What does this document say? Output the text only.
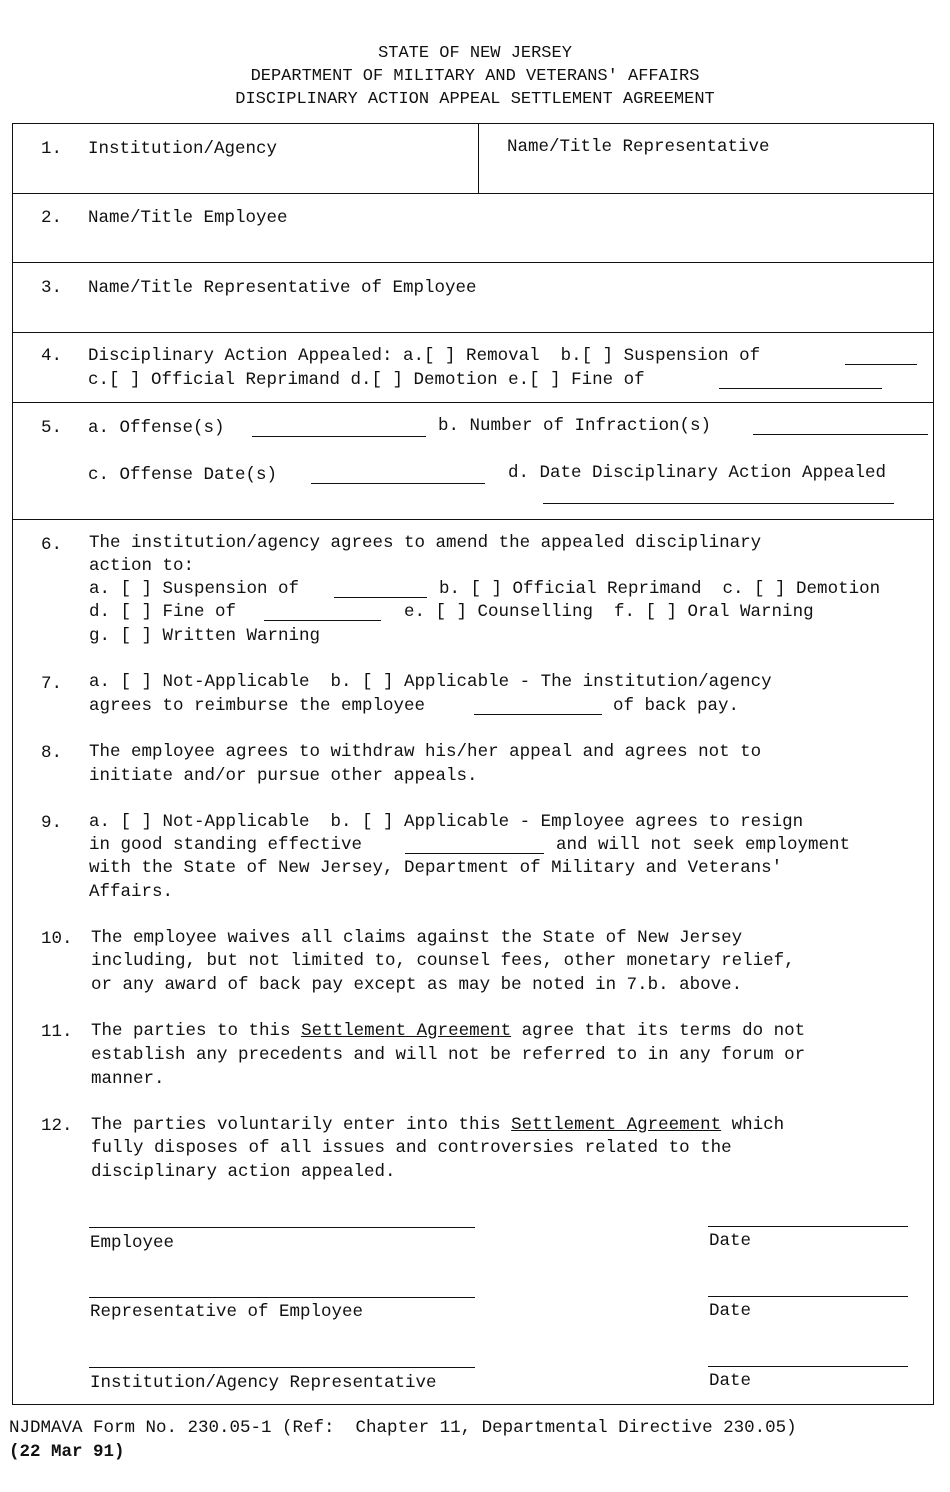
STATE OF NEW JERSEY
DEPARTMENT OF MILITARY AND VETERANS' AFFAIRS
DISCIPLINARY ACTION APPEAL SETTLEMENT AGREEMENT
1. Institution/Agency	Name/Title Representative
2. Name/Title Employee
3. Name/Title Representative of Employee
4. Disciplinary Action Appealed: a.[ ] Removal  b.[ ] Suspension of
c.[ ] Official Reprimand d.[ ] Demotion e.[ ] Fine of
5. a. Offense(s)	b. Number of Infraction(s)
c. Offense Date(s)	d. Date Disciplinary Action Appealed
6. The institution/agency agrees to amend the appealed disciplinary
action to:
a. [ ] Suspension of	b. [ ] Official Reprimand  c. [ ] Demotion
d. [ ] Fine of	e. [ ] Counselling  f. [ ] Oral Warning
g. [ ] Written Warning
7. a. [ ] Not-Applicable  b. [ ] Applicable - The institution/agency
agrees to reimburse the employee	of back pay.
8. The employee agrees to withdraw his/her appeal and agrees not to
initiate and/or pursue other appeals.
9. a. [ ] Not-Applicable  b. [ ] Applicable - Employee agrees to resign
in good standing effective	and will not seek employment
with the State of New Jersey, Department of Military and Veterans'
Affairs.
10. The employee waives all claims against the State of New Jersey
including, but not limited to, counsel fees, other monetary relief,
or any award of back pay except as may be noted in 7.b. above.
11. The parties to this Settlement Agreement agree that its terms do not
establish any precedents and will not be referred to in any forum or
manner.
12. The parties voluntarily enter into this Settlement Agreement which
fully disposes of all issues and controversies related to the
disciplinary action appealed.
Employee	Date
Representative of Employee	Date
Institution/Agency Representative	Date
NJDMAVA Form No. 230.05-1 (Ref:  Chapter 11, Departmental Directive 230.05)
(22 Mar 91)
